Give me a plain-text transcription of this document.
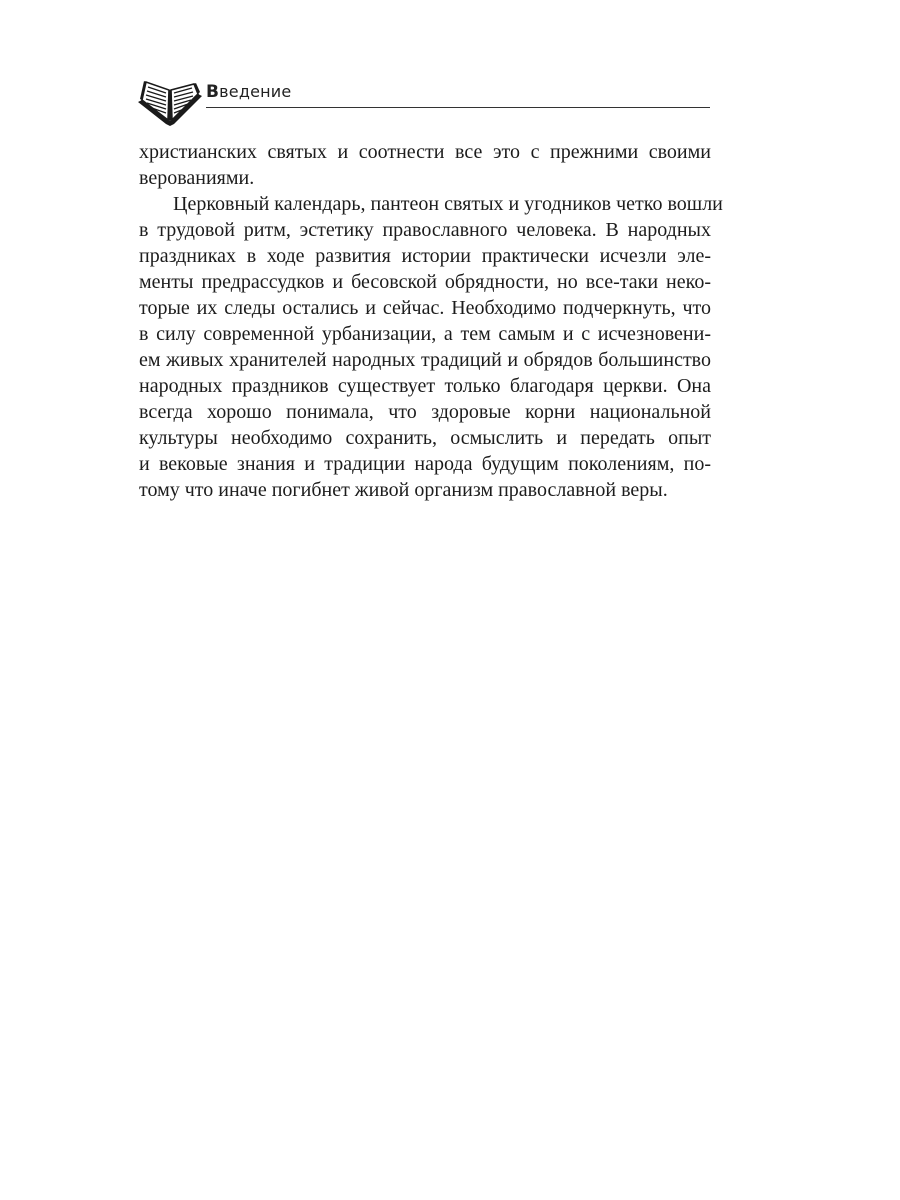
Введение
христианских святых и соотнести все это с прежними своими
верованиями.
Церковный календарь, пантеон святых и угодников четко вошли
в трудовой ритм, эстетику православного человека. В народных
праздниках в ходе развития истории практически исчезли эле-
менты предрассудков и бесовской обрядности, но все-таки неко-
торые их следы остались и сейчас. Необходимо подчеркнуть, что
в силу современной урбанизации, а тем самым и с исчезновени-
ем живых хранителей народных традиций и обрядов большинство
народных праздников существует только благодаря церкви. Она
всегда хорошо понимала, что здоровые корни национальной
культуры необходимо сохранить, осмыслить и передать опыт
и вековые знания и традиции народа будущим поколениям, по-
тому что иначе погибнет живой организм православной веры.
